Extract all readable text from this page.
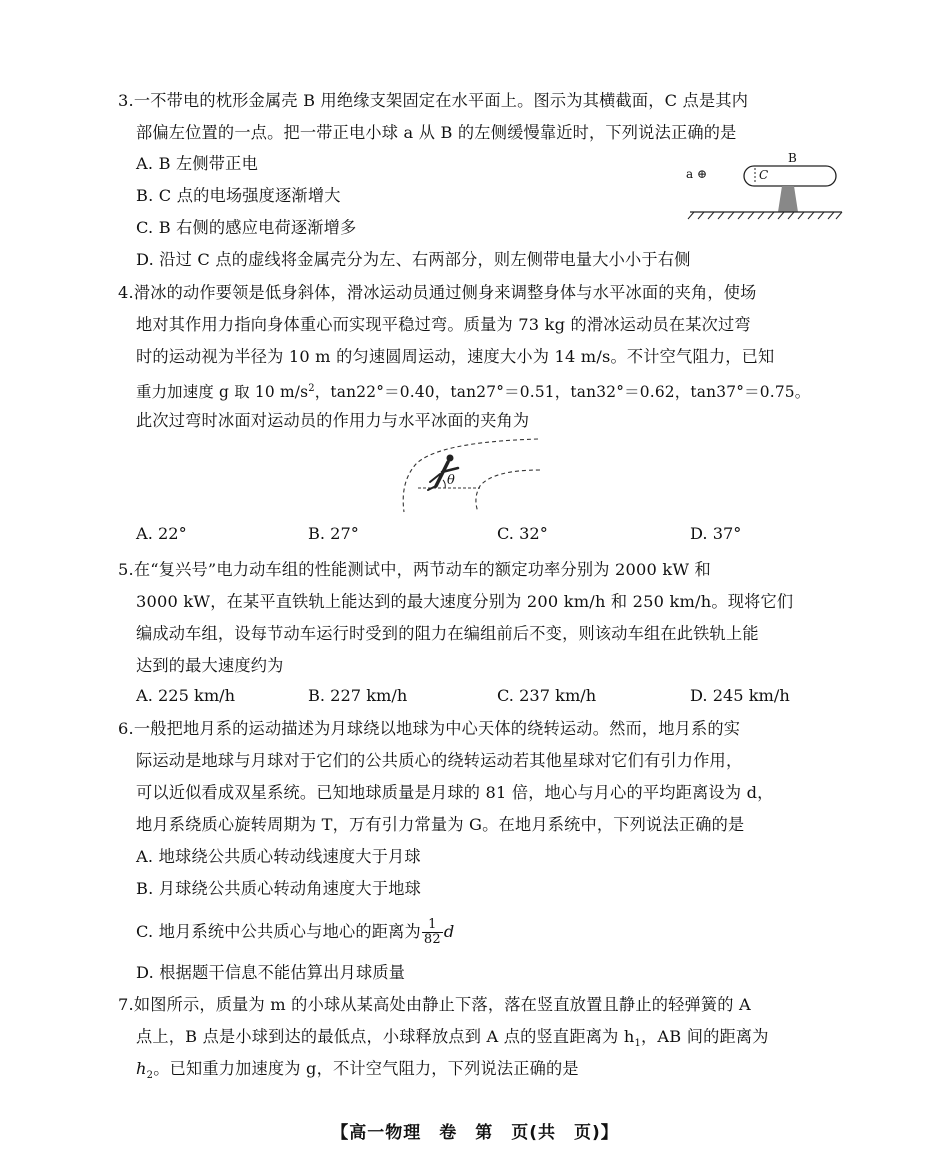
3.一不带电的枕形金属壳 B 用绝缘支架固定在水平面上。图示为其横截面，C 点是其内
部偏左位置的一点。把一带正电小球 a 从 B 的左侧缓慢靠近时，下列说法正确的是
A. B 左侧带正电
B. C 点的电场强度逐渐增大
C. B 右侧的感应电荷逐渐增多
D. 沿过 C 点的虚线将金属壳分为左、右两部分，则左侧带电量大小小于右侧
a ⊕
B
C
4.滑冰的动作要领是低身斜体，滑冰运动员通过侧身来调整身体与水平冰面的夹角，使场
地对其作用力指向身体重心而实现平稳过弯。质量为 73 kg 的滑冰运动员在某次过弯
时的运动视为半径为 10 m 的匀速圆周运动，速度大小为 14 m/s。不计空气阻力，已知
重力加速度 g 取 10 $m/s^2$，tan22°＝0.40，tan27°＝0.51，tan32°＝0.62，tan37°＝0.75。
此次过弯时冰面对运动员的作用力与水平冰面的夹角为
θ
A. 22°	B. 27°	C. 32°	D. 37°
5.在“复兴号”电力动车组的性能测试中，两节动车的额定功率分别为 2000 kW 和
3000 kW，在某平直铁轨上能达到的最大速度分别为 200 km/h 和 250 km/h。现将它们
编成动车组，设每节动车运行时受到的阻力在编组前后不变，则该动车组在此铁轨上能
达到的最大速度约为
A. 225 km/h	B. 227 km/h	C. 237 km/h	D. 245 km/h
6.一般把地月系的运动描述为月球绕以地球为中心天体的绕转运动。然而，地月系的实
际运动是地球与月球对于它们的公共质心的绕转运动若其他星球对它们有引力作用，
可以近似看成双星系统。已知地球质量是月球的 81 倍，地心与月心的平均距离设为 d，
地月系绕质心旋转周期为 T，万有引力常量为 G。在地月系统中，下列说法正确的是
A. 地球绕公共质心转动线速度大于月球
B. 月球绕公共质心转动角速度大于地球
C. 地月系统中公共质心与地心的距离为 $\frac{1}{82}$ d
D. 根据题干信息不能估算出月球质量
7.如图所示，质量为 m 的小球从某高处由静止下落，落在竖直放置且静止的轻弹簧的 A
点上，B 点是小球到达的最低点，小球释放点到 A 点的竖直距离为 $h_1$，AB 间的距离为
$h_2$。已知重力加速度为 g，不计空气阻力，下列说法正确的是
【高一物理　卷　第　页(共　页)】
